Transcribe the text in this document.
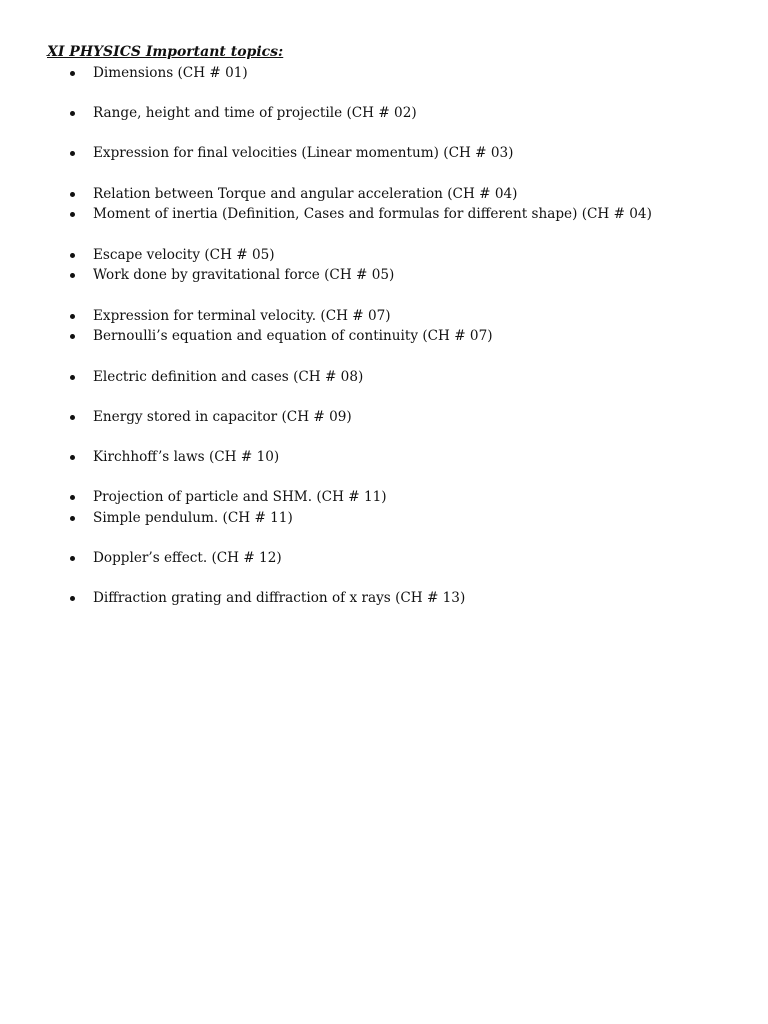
XI PHYSICS Important topics:
Dimensions (CH # 01)
Range, height and time of projectile (CH # 02)
Expression for final velocities (Linear momentum) (CH # 03)
Relation between Torque and angular acceleration (CH # 04)
Moment of inertia (Definition, Cases and formulas for different shape) (CH # 04)
Escape velocity (CH # 05)
Work done by gravitational force (CH # 05)
Expression for terminal velocity. (CH # 07)
Bernoulli’s equation and equation of continuity (CH # 07)
Electric definition and cases (CH # 08)
Energy stored in capacitor (CH # 09)
Kirchhoff’s laws (CH # 10)
Projection of particle and SHM. (CH # 11)
Simple pendulum. (CH # 11)
Doppler’s effect. (CH # 12)
Diffraction grating and diffraction of x rays (CH # 13)
